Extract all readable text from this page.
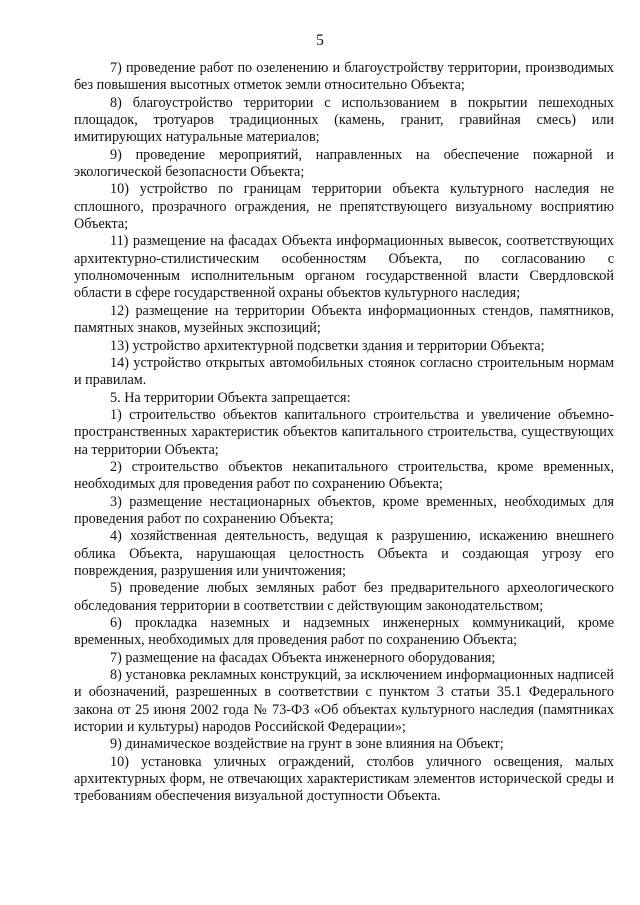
5

7) проведение работ по озеленению и благоустройству территории, производимых без повышения высотных отметок земли относительно Объекта;

8) благоустройство территории с использованием в покрытии пешеходных площадок, тротуаров традиционных (камень, гранит, гравийная смесь) или имитирующих натуральные материалов;

9) проведение мероприятий, направленных на обеспечение пожарной и экологической безопасности Объекта;

10) устройство по границам территории объекта культурного наследия не сплошного, прозрачного ограждения, не препятствующего визуальному восприятию Объекта;

11) размещение на фасадах Объекта информационных вывесок, соответствующих архитектурно-стилистическим особенностям Объекта, по согласованию с уполномоченным исполнительным органом государственной власти Свердловской области в сфере государственной охраны объектов культурного наследия;

12) размещение на территории Объекта информационных стендов, памятников, памятных знаков, музейных экспозиций;

13) устройство архитектурной подсветки здания и территории Объекта;

14) устройство открытых автомобильных стоянок согласно строительным нормам и правилам.

5. На территории Объекта запрещается:

1) строительство объектов капитального строительства и увеличение объемно-пространственных характеристик объектов капитального строительства, существующих на территории Объекта;

2) строительство объектов некапитального строительства, кроме временных, необходимых для проведения работ по сохранению Объекта;

3) размещение нестационарных объектов, кроме временных, необходимых для проведения работ по сохранению Объекта;

4) хозяйственная деятельность, ведущая к разрушению, искажению внешнего облика Объекта, нарушающая целостность Объекта и создающая угрозу его повреждения, разрушения или уничтожения;

5) проведение любых земляных работ без предварительного археологического обследования территории в соответствии с действующим законодательством;

6) прокладка наземных и надземных инженерных коммуникаций, кроме временных, необходимых для проведения работ по сохранению Объекта;

7) размещение на фасадах Объекта инженерного оборудования;

8) установка рекламных конструкций, за исключением информационных надписей и обозначений, разрешенных в соответствии с пунктом 3 статьи 35.1 Федерального закона от 25 июня 2002 года № 73-ФЗ «Об объектах культурного наследия (памятниках истории и культуры) народов Российской Федерации»;

9) динамическое воздействие на грунт в зоне влияния на Объект;

10) установка уличных ограждений, столбов уличного освещения, малых архитектурных форм, не отвечающих характеристикам элементов исторической среды и требованиям обеспечения визуальной доступности Объекта.
